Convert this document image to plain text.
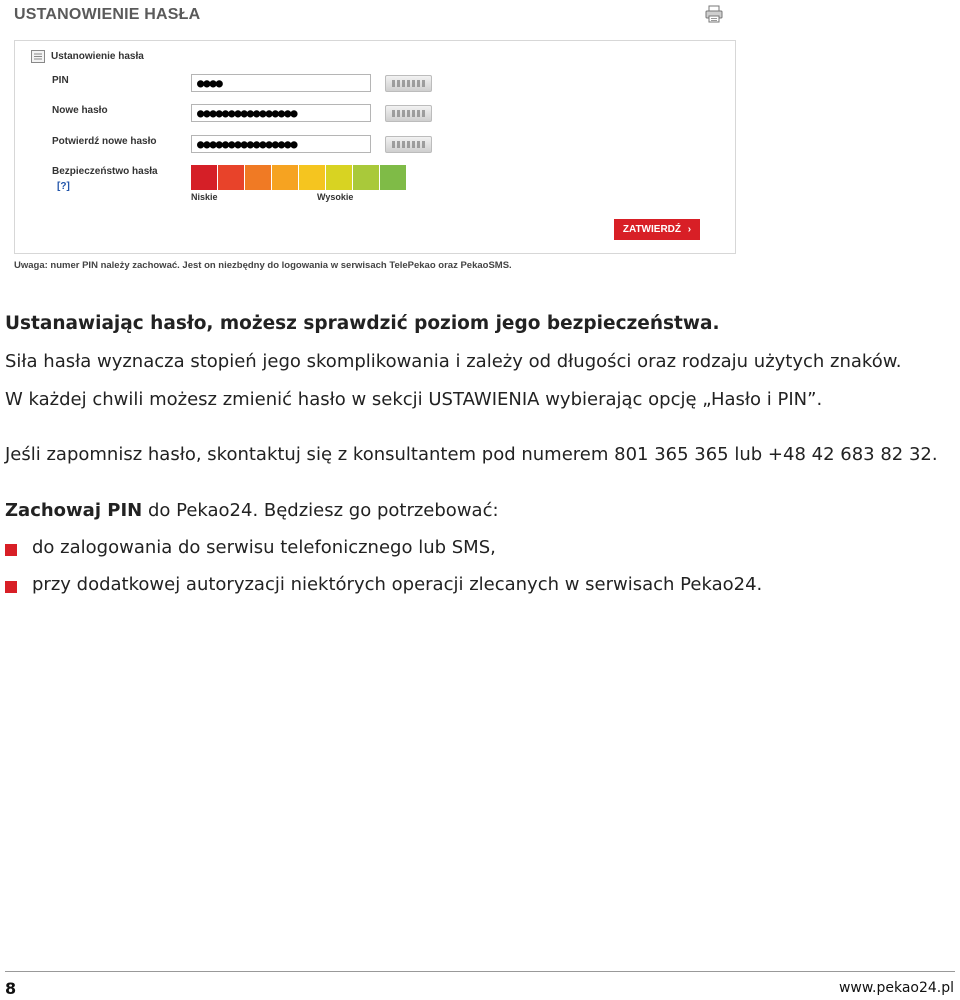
USTANOWIENIE HASŁA
Ustanowienie hasła
PIN	●●●●
Nowe hasło	●●●●●●●●●●●●●●●●
Potwierdź nowe hasło	●●●●●●●●●●●●●●●●
Bezpieczeństwo hasła
[?]
Niskie	Wysokie
ZATWIERDŹ ›
Uwaga: numer PIN należy zachować. Jest on niezbędny do logowania w serwisach TelePekao oraz PekaoSMS.
Ustanawiając hasło, możesz sprawdzić poziom jego bezpieczeństwa.
Siła hasła wyznacza stopień jego skomplikowania i zależy od długości oraz rodzaju użytych znaków.
W każdej chwili możesz zmienić hasło w sekcji USTAWIENIA wybierając opcję „Hasło i PIN”.
Jeśli zapomnisz hasło, skontaktuj się z konsultantem pod numerem 801 365 365 lub +48 42 683 82 32.
Zachowaj PIN do Pekao24. Będziesz go potrzebować:
do zalogowania do serwisu telefonicznego lub SMS,
przy dodatkowej autoryzacji niektórych operacji zlecanych w serwisach Pekao24.
8	www.pekao24.pl
